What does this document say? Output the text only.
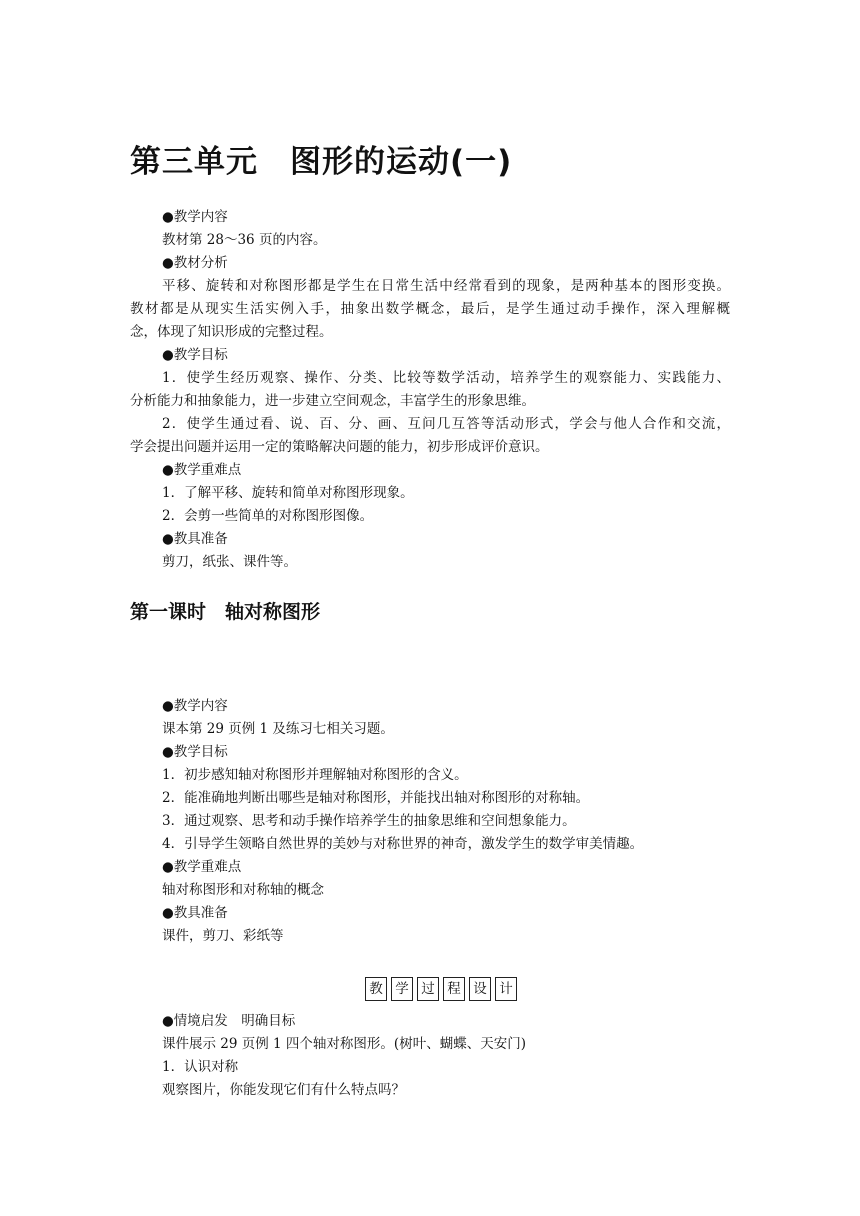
第三单元　图形的运动(一)
●教学内容
教材第 28～36 页的内容。
●教材分析
平移、旋转和对称图形都是学生在日常生活中经常看到的现象，是两种基本的图形变换。
教材都是从现实生活实例入手，抽象出数学概念，最后，是学生通过动手操作，深入理解概
念，体现了知识形成的完整过程。
●教学目标
1．使学生经历观察、操作、分类、比较等数学活动，培养学生的观察能力、实践能力、
分析能力和抽象能力，进一步建立空间观念，丰富学生的形象思维。
2．使学生通过看、说、百、分、画、互问几互答等活动形式，学会与他人合作和交流，
学会提出问题并运用一定的策略解决问题的能力，初步形成评价意识。
●教学重难点
1．了解平移、旋转和简单对称图形现象。
2．会剪一些简单的对称图形图像。
●教具准备
剪刀，纸张、课件等。
第一课时　轴对称图形
●教学内容
课本第 29 页例 1 及练习七相关习题。
●教学目标
1．初步感知轴对称图形并理解轴对称图形的含义。
2．能准确地判断出哪些是轴对称图形，并能找出轴对称图形的对称轴。
3．通过观察、思考和动手操作培养学生的抽象思维和空间想象能力。
4．引导学生领略自然世界的美妙与对称世界的神奇，激发学生的数学审美情趣。
●教学重难点
轴对称图形和对称轴的概念
●教具准备
课件，剪刀、彩纸等
教 学 过 程 设 计
●情境启发　明确目标
课件展示 29 页例 1 四个轴对称图形。(树叶、蝴蝶、天安门)
1．认识对称
观察图片，你能发现它们有什么特点吗？
